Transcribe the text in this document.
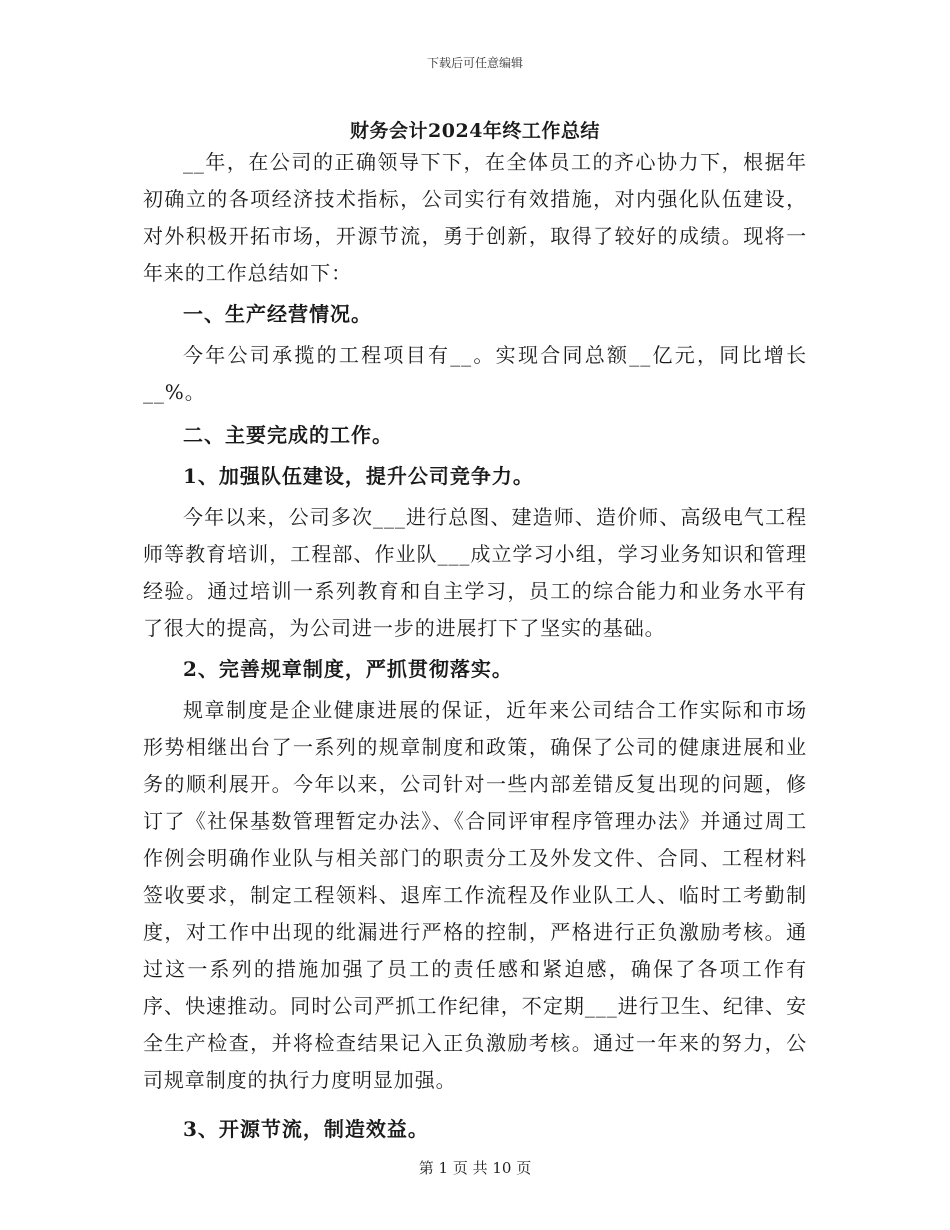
下载后可任意编辑
财务会计2024年终工作总结

__年，在公司的正确领导下下，在全体员工的齐心协力下，根据年初确立的各项经济技术指标，公司实行有效措施，对内强化队伍建设，对外积极开拓市场，开源节流，勇于创新，取得了较好的成绩。现将一年来的工作总结如下：

一、生产经营情况。

今年公司承揽的工程项目有__。实现合同总额__亿元，同比增长__%。

二、主要完成的工作。
1、加强队伍建设，提升公司竞争力。

今年以来，公司多次___进行总图、建造师、造价师、高级电气工程师等教育培训，工程部、作业队___成立学习小组，学习业务知识和管理经验。通过培训一系列教育和自主学习，员工的综合能力和业务水平有了很大的提高，为公司进一步的进展打下了坚实的基础。

2、完善规章制度，严抓贯彻落实。

规章制度是企业健康进展的保证，近年来公司结合工作实际和市场形势相继出台了一系列的规章制度和政策，确保了公司的健康进展和业务的顺利展开。今年以来，公司针对一些内部差错反复出现的问题，修订了《社保基数管理暂定办法》、《合同评审程序管理办法》并通过周工作例会明确作业队与相关部门的职责分工及外发文件、合同、工程材料签收要求，制定工程领料、退库工作流程及作业队工人、临时工考勤制度，对工作中出现的纰漏进行严格的控制，严格进行正负激励考核。通过这一系列的措施加强了员工的责任感和紧迫感，确保了各项工作有序、快速推动。同时公司严抓工作纪律，不定期___进行卫生、纪律、安全生产检查，并将检查结果记入正负激励考核。通过一年来的努力，公司规章制度的执行力度明显加强。

3、开源节流，制造效益。
第 1 页 共 10 页
